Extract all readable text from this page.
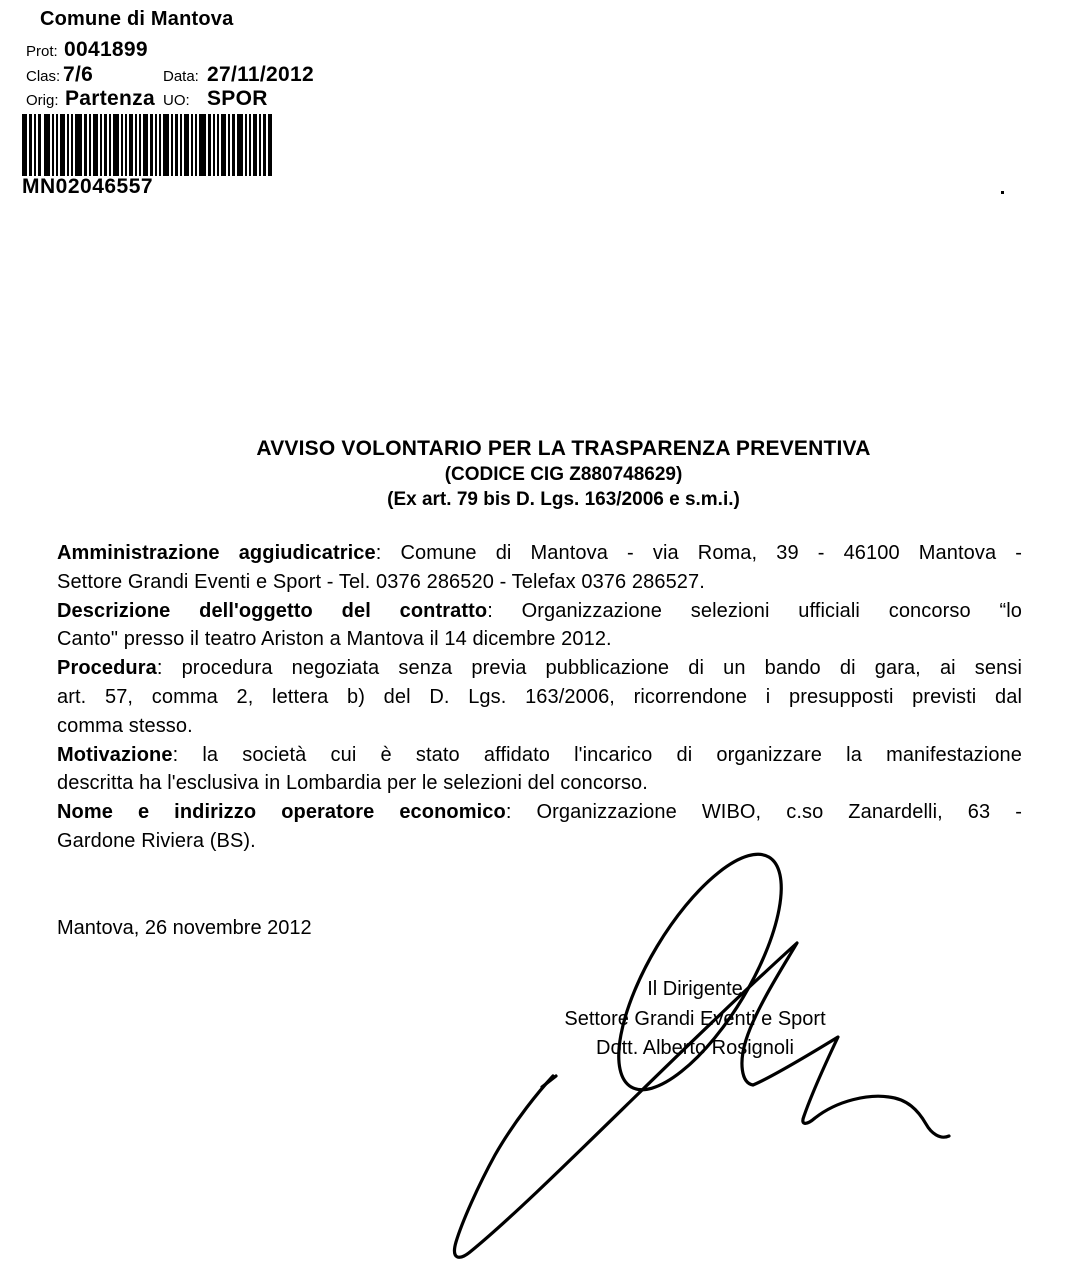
Comune di Mantova
Prot: 0041899
Clas: 7/6	Data: 27/11/2012
Orig: Partenza UO: SPOR
MN02046557
AVVISO VOLONTARIO PER LA TRASPARENZA PREVENTIVA
(CODICE CIG Z880748629)
(Ex art. 79 bis D. Lgs. 163/2006 e s.m.i.)
Amministrazione aggiudicatrice: Comune di Mantova - via Roma, 39 - 46100 Mantova -
Settore Grandi Eventi e Sport - Tel. 0376 286520 - Telefax 0376 286527.
Descrizione dell'oggetto del contratto: Organizzazione selezioni ufficiali concorso “lo
Canto" presso il teatro Ariston a Mantova il 14 dicembre 2012.
Procedura: procedura negoziata senza previa pubblicazione di un bando di gara, ai sensi
art. 57, comma 2, lettera b) del D. Lgs. 163/2006, ricorrendone i presupposti previsti dal
comma stesso.
Motivazione: la società cui è stato affidato l'incarico di organizzare la manifestazione
descritta ha l'esclusiva in Lombardia per le selezioni del concorso.
Nome e indirizzo operatore economico: Organizzazione WIBO, c.so Zanardelli, 63 -
Gardone Riviera (BS).
Mantova, 26 novembre 2012
Il Dirigente
Settore Grandi Eventi e Sport
Dott. Alberto Rosignoli
